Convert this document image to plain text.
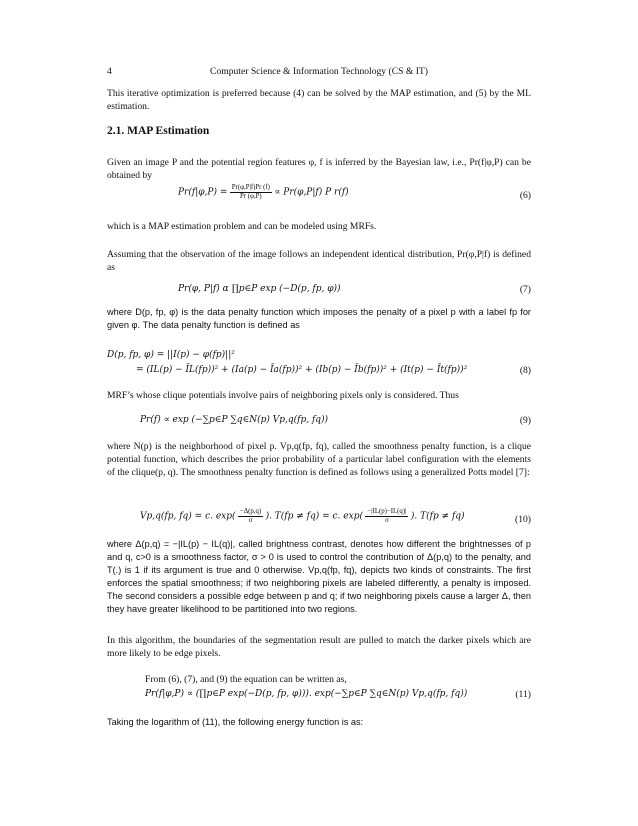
4	Computer Science & Information Technology (CS & IT)
This iterative optimization is preferred because (4) can be solved by the MAP estimation, and (5) by the ML estimation.
2.1. MAP Estimation
Given an image P and the potential region features φ, f is inferred by the Bayesian law, i.e., Pr(f|φ,P) can be obtained by
$Pr(f|\varphi,P) = \frac{Pr(\varphi,P|f)Pr (f)}{Pr (\varphi,P)} \propto Pr(\varphi,P|f)$ P r(f)	(6)
which is a MAP estimation problem and can be modeled using MRFs.
Assuming that the observation of the image follows an independent identical distribution, Pr(φ,P|f) is defined as
Pr(φ, P|f) α ∏p∈P exp (−D(p, fp, φ))	(7)
where D(p, fp, φ) is the data penalty function which imposes the penalty of a pixel p with a label fp for given φ. The data penalty function is defined as
D(p, fp, φ) = ||I(p) − φ(fp)||²
= (IL(p) − ĪL(fp))² + (Ia(p) − Īa(fp))² + (Ib(p) − Īb(fp))² + (It(p) − Īt(fp))²	(8)
MRF’s whose clique potentials involve pairs of neighboring pixels only is considered. Thus
Pr(f) ∝ exp (−∑p∈P ∑q∈N(p) Vp,q(fp, fq))	(9)
where N(p) is the neighborhood of pixel p. Vp,q(fp, fq), called the smoothness penalty function, is a clique potential function, which describes the prior probability of a particular label configuration with the elements of the clique(p, q). The smoothness penalty function is defined as follows using a generalized Potts model [7]:
Vp,q(fp, fq) = c. $\exp( \frac{-\Delta(p,q)}{\sigma}$ ). T(fp ≠ fq) = c. $\exp( \frac{-|IL(p)-IL(q)|}{\sigma}$ ). T(fp ≠ fq)	(10)
where Δ(p,q) = −|IL(p) − IL(q)|, called brightness contrast, denotes how different the brightnesses of p and q, c>0 is a smoothness factor, σ > 0 is used to control the contribution of Δ(p,q) to the penalty, and T(.) is 1 if its argument is true and 0 otherwise. Vp,q(fp, fq), depicts two kinds of constraints. The first enforces the spatial smoothness; if two neighboring pixels are labeled differently, a penalty is imposed. The second considers a possible edge between p and q; if two neighboring pixels cause a larger Δ, then they have greater likelihood to be partitioned into two regions.
In this algorithm, the boundaries of the segmentation result are pulled to match the darker pixels which are more likely to be edge pixels.
From (6), (7), and (9) the equation can be written as,
Pr(f|φ,P) ∝ (∏p∈P exp(−D(p, fp, φ))). exp(−∑p∈P ∑q∈N(p) Vp,q(fp, fq))	(11)
Taking the logarithm of (11), the following energy function is as:
